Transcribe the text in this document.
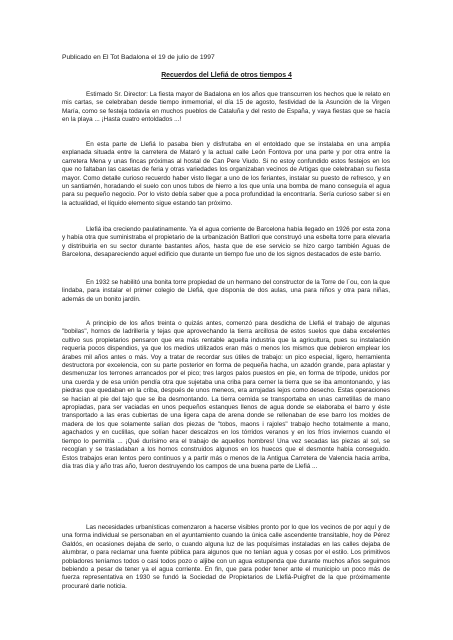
Publicado en El Tot Badalona el 19 de julio de 1997
Recuerdos del Llefiá de otros tiempos 4

Estimado Sr. Director: La fiesta mayor de Badalona en los años que transcurren los hechos que le relato en mis cartas, se celebraban desde tiempo inmemorial, el día 15 de agosto, festividad de la Asunción de la Virgen María, como se festeja todavía en muchos pueblos de Cataluña y del resto de España, y vaya fiestas que se hacía en la playa ... ¡Hasta cuatro entoldados ...!

En esta parte de Llefiá lo pasaba bien y disfrutaba en el entoldado que se instalaba en una amplia explanada situada entre la carretera de Mataró y la actual calle León Fontova por una parte y por otra entre la carretera Mena y unas fincas próximas al hostal de Can Pere Viudo. Si no estoy confundido estos festejos en los que no faltaban las casetas de feria y otras variedades los organizaban vecinos de Artigas que celebraban su fiesta mayor. Como detalle curioso recuerdo haber visto llegar a uno de los feriantes, instalar su puesto de refresco, y en un santiamén, horadando el suelo con unos tubos de hierro a los que unía una bomba de mano conseguía el agua para su pequeño negocio. Por lo visto debía saber que a poca profundidad la encontraría. Sería curioso saber si en la actualidad, el líquido elemento sigue estando tan próximo.

Llefiá iba creciendo paulatinamente. Ya el agua corriente de Barcelona había llegado en 1926 por esta zona y había otra que suministraba el propietario de la urbanización Batllori que construyó una esbelta torre para elevarla y distribuirla en su sector durante bastantes años, hasta que de ese servicio se hizo cargo también Aguas de Barcelona, desapareciendo aquel edificio que durante un tiempo fue uno de los signos destacados de este barrio.

En 1932 se habilitó una bonita torre propiedad de un hermano del constructor de la Torre de l´ou, con la que lindaba, para instalar el primer colegio de Llefiá, que disponía de dos aulas, una para niños y otra para niñas, además de un bonito jardín.

A principio de los años treinta o quizás antes, comenzó para desdicha de Llefiá el trabajo de algunas "bobilas", hornos de ladrillería y tejas que aprovechando la tierra arcillosa de estos suelos que daba excelentes cultivo sus propietarios pensaron que era más rentable aquella industria que la agricultura, pues su instalación requería pocos dispendios, ya que los medios utilizados eran más o menos los mismos que debieron emplear los árabes mil años antes o más. Voy a tratar de recordar sus útiles de trabajo: un pico especial, ligero, herramienta destructora por excelencia, con su parte posterior en forma de pequeña hacha, un azadón grande, para aplastar y desmenuzar los terrones arrancados por el pico; tres largos palos puestos en pie, en forma de trípode, unidos por una cuerda y de esa unión pendía otra que sujetaba una criba para cerner la tierra que se iba amontonando, y las piedras que quedaban en la criba, después de unos meneos, era arrojadas lejos como desecho. Estas operaciones se hacían al pie del tajo que se iba desmontando. La tierra cernida se transportaba en unas carretillas de mano apropiadas, para ser vaciadas en unos pequeños estanques llenos de agua donde se elaboraba el barro y éste transportado a las eras cubiertas de una ligera capa de arena donde se rellenaban de ese barro los moldes de madera de los que solamente salían dos piezas de "tobos, maons i rajoles" trabajo hecho totalmente a mano, agachados y en cuclillas, que solían hacer descalzos en los tórridos veranos y en los fríos inviernos cuando el tiempo lo permitía ... ¡Qué durísimo era el trabajo de aquellos hombres! Una vez secadas las piezas al sol, se recogían y se trasladaban a los hornos construidos algunos en los huecos que el desmonte había conseguido. Estos trabajos eran lentos pero continuos y a partir más o menos de la Antigua Carretera de Valencia hacia arriba, día tras día y año tras año, fueron destruyendo los campos de una buena parte de Llefiá ...

Las necesidades urbanísticas comenzaron a hacerse visibles pronto por lo que los vecinos de por aquí y de una forma individual se personaban en el ayuntamiento cuando la única calle ascendente transitable, hoy de Pérez Galdós, en ocasiones dejaba de serlo, o cuando alguna luz de las poquísimas instaladas en las calles dejaba de alumbrar, o para reclamar una fuente pública para algunos que no tenían agua y cosas por el estilo. Los primitivos pobladores teníamos todos o casi todos pozo o aljibe con un agua estupenda que durante muchos años seguimos bebiendo a pesar de tener ya el agua corriente. En fin, que para poder tener ante el municipio un poco más de fuerza representativa en 1930 se fundó la Sociedad de Propietarios de Llefiá-Puigfret de la que próximamente procuraré darle noticia.
